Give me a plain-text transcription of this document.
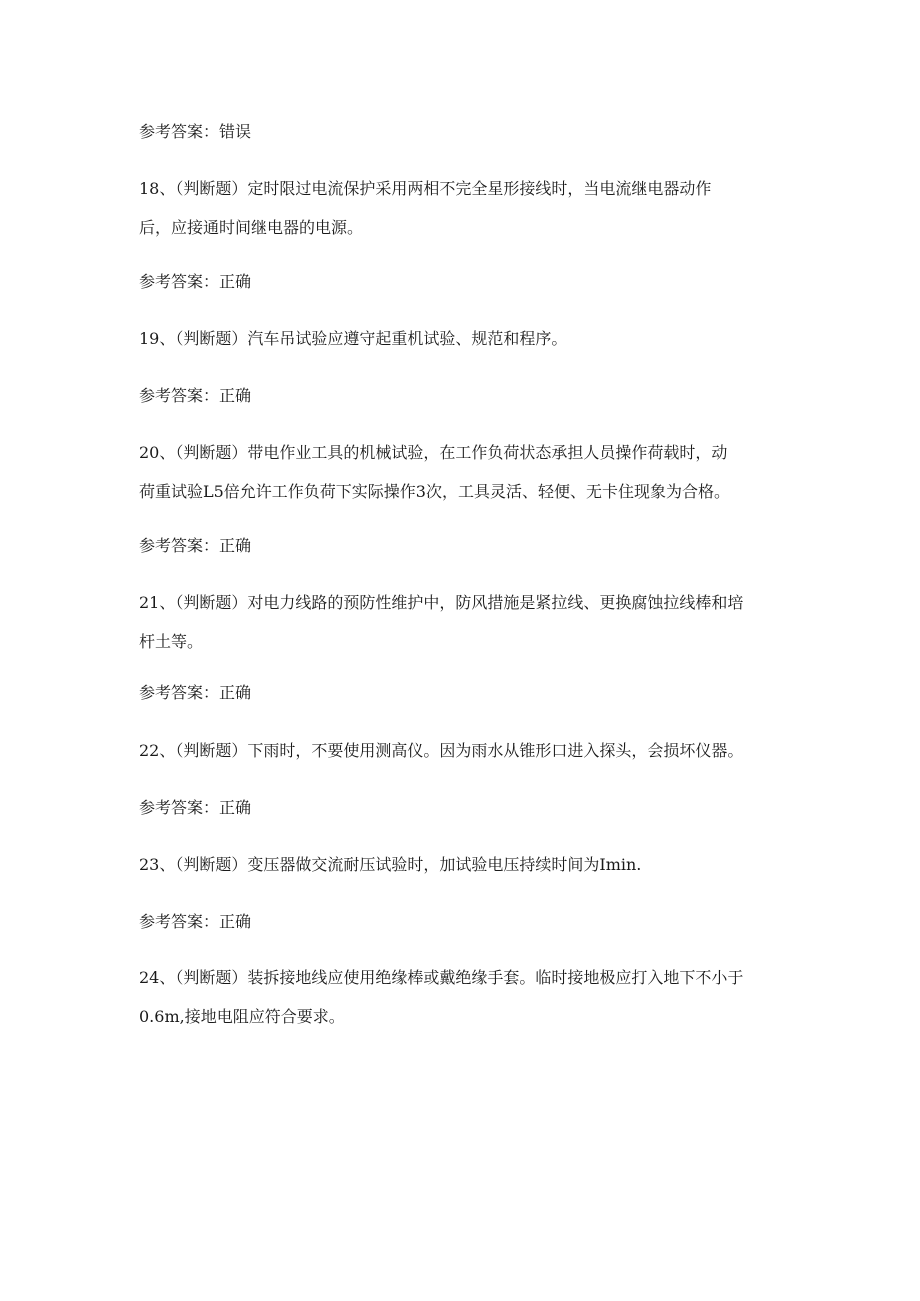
参考答案：错误

18、（判断题）定时限过电流保护采用两相不完全星形接线时，当电流继电器动作
后，应接通时间继电器的电源。

参考答案：正确

19、（判断题）汽车吊试验应遵守起重机试验、规范和程序。

参考答案：正确

20、（判断题）带电作业工具的机械试验，在工作负荷状态承担人员操作荷载时，动
荷重试验L5倍允许工作负荷下实际操作3次，工具灵活、轻便、无卡住现象为合格。

参考答案：正确

21、（判断题）对电力线路的预防性维护中，防风措施是紧拉线、更换腐蚀拉线棒和培
杆土等。

参考答案：正确

22、（判断题）下雨时，不要使用测高仪。因为雨水从锥形口进入探头，会损坏仪器。

参考答案：正确

23、（判断题）变压器做交流耐压试验时，加试验电压持续时间为Imin.

参考答案：正确

24、（判断题）装拆接地线应使用绝缘棒或戴绝缘手套。临时接地极应打入地下不小于
0.6m,接地电阻应符合要求。
